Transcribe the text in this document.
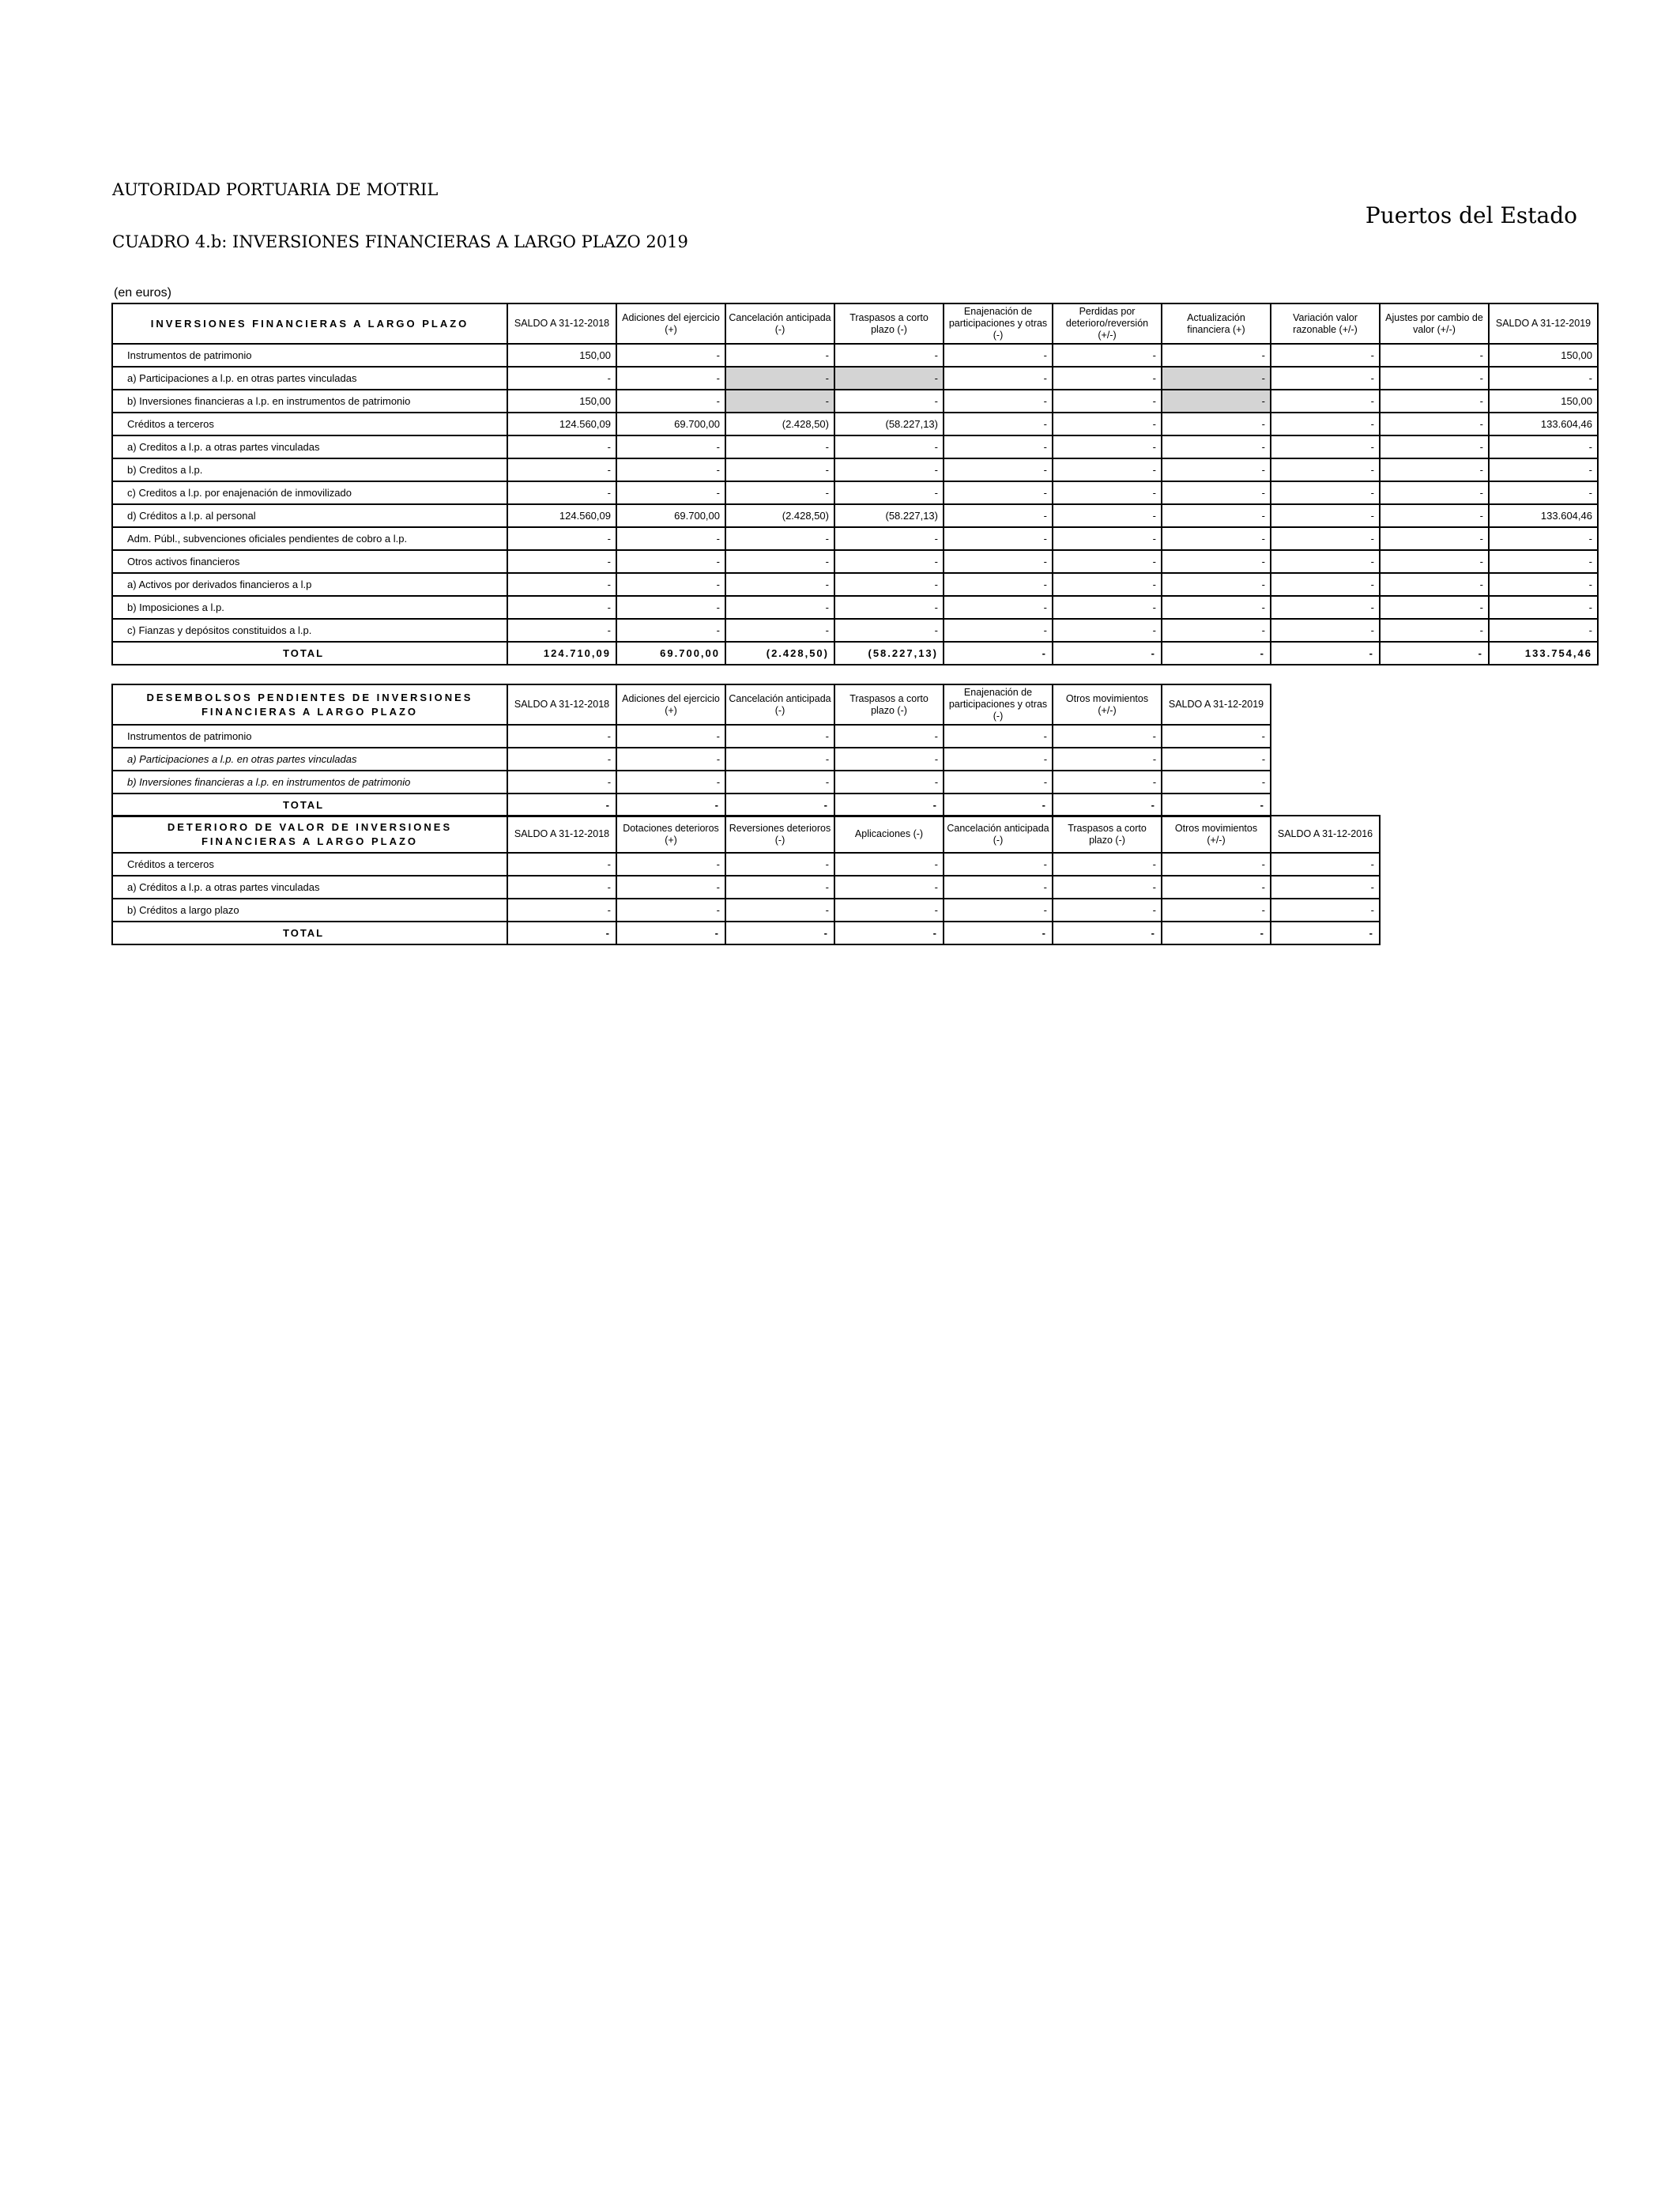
AUTORIDAD PORTUARIA DE MOTRIL
Puertos del Estado
CUADRO 4.b: INVERSIONES FINANCIERAS A LARGO PLAZO 2019
(en euros)
INVERSIONES FINANCIERAS A LARGO PLAZO	SALDO A 31-12-2018	Adiciones del ejercicio (+)	Cancelación anticipada (-)	Traspasos a corto plazo (-)	Enajenación de participaciones y otras (-)	Perdidas por deterioro/reversión (+/-)	Actualización financiera (+)	Variación valor razonable (+/-)	Ajustes por cambio de valor (+/-)	SALDO A 31-12-2019
Instrumentos de patrimonio	150,00	-	-	-	-	-	-	-	-	150,00
a) Participaciones a l.p. en otras partes vinculadas	-	-	-	-	-	-	-	-	-	-
b) Inversiones financieras a l.p. en instrumentos de patrimonio	150,00	-	-	-	-	-	-	-	-	150,00
Créditos a terceros	124.560,09	69.700,00	(2.428,50)	(58.227,13)	-	-	-	-	-	133.604,46
a) Creditos a l.p. a otras partes vinculadas	-	-	-	-	-	-	-	-	-	-
b) Creditos a l.p.	-	-	-	-	-	-	-	-	-	-
c) Creditos a l.p. por enajenación de inmovilizado	-	-	-	-	-	-	-	-	-	-
d) Créditos a l.p. al personal	124.560,09	69.700,00	(2.428,50)	(58.227,13)	-	-	-	-	-	133.604,46
Adm. Públ., subvenciones oficiales pendientes de cobro a l.p.	-	-	-	-	-	-	-	-	-	-
Otros activos financieros	-	-	-	-	-	-	-	-	-	-
a) Activos por derivados financieros a l.p	-	-	-	-	-	-	-	-	-	-
b) Imposiciones a l.p.	-	-	-	-	-	-	-	-	-	-
c) Fianzas y depósitos constituidos a l.p.	-	-	-	-	-	-	-	-	-	-
TOTAL	124.710,09	69.700,00	(2.428,50)	(58.227,13)	-	-	-	-	-	133.754,46
DESEMBOLSOS PENDIENTES DE INVERSIONES FINANCIERAS A LARGO PLAZO	SALDO A 31-12-2018	Adiciones del ejercicio (+)	Cancelación anticipada (-)	Traspasos a corto plazo (-)	Enajenación de participaciones y otras (-)	Otros movimientos (+/-)	SALDO A 31-12-2019
Instrumentos de patrimonio	-	-	-	-	-	-	-
a) Participaciones a l.p. en otras partes vinculadas	-	-	-	-	-	-	-
b) Inversiones financieras a l.p. en instrumentos de patrimonio	-	-	-	-	-	-	-
TOTAL	-	-	-	-	-	-	-
DETERIORO DE VALOR DE INVERSIONES FINANCIERAS A LARGO PLAZO	SALDO A 31-12-2018	Dotaciones deterioros (+)	Reversiones deterioros (-)	Aplicaciones (-)	Cancelación anticipada (-)	Traspasos a corto plazo (-)	Otros movimientos (+/-)	SALDO A 31-12-2016
Créditos a terceros	-	-	-	-	-	-	-	-
a) Créditos a l.p. a otras partes vinculadas	-	-	-	-	-	-	-	-
b) Créditos a largo plazo	-	-	-	-	-	-	-	-
TOTAL	-	-	-	-	-	-	-	-
